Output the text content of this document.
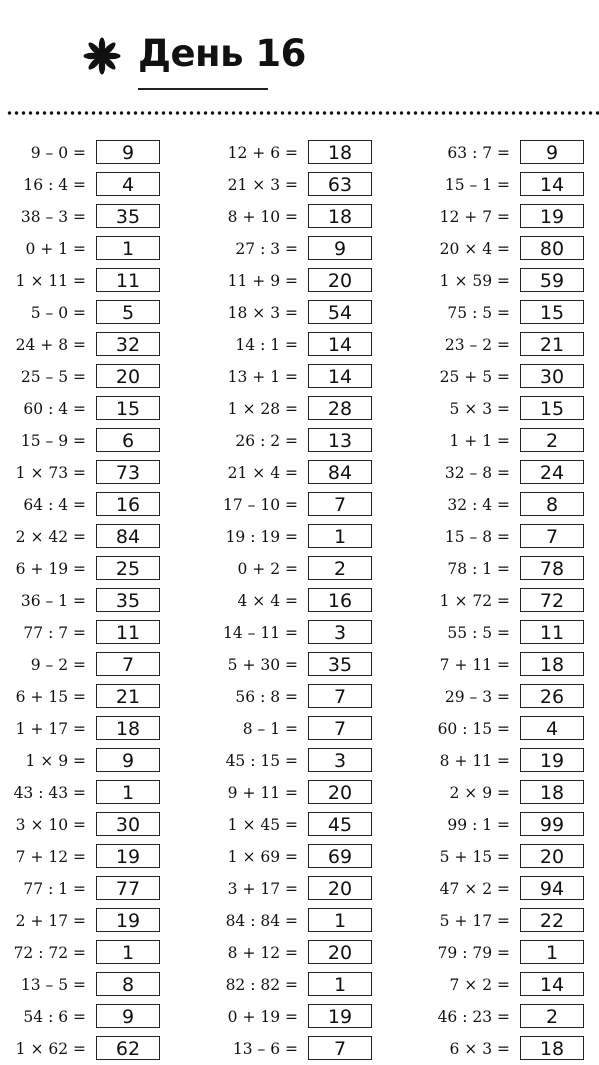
День 16
9 – 0 =	9
16 : 4 =	4
38 – 3 =	35
0 + 1 =	1
1 × 11 =	11
5 – 0 =	5
24 + 8 =	32
25 – 5 =	20
60 : 4 =	15
15 – 9 =	6
1 × 73 =	73
64 : 4 =	16
2 × 42 =	84
6 + 19 =	25
36 – 1 =	35
77 : 7 =	11
9 – 2 =	7
6 + 15 =	21
1 + 17 =	18
1 × 9 =	9
43 : 43 =	1
3 × 10 =	30
7 + 12 =	19
77 : 1 =	77
2 + 17 =	19
72 : 72 =	1
13 – 5 =	8
54 : 6 =	9
1 × 62 =	62
12 + 6 =	18
21 × 3 =	63
8 + 10 =	18
27 : 3 =	9
11 + 9 =	20
18 × 3 =	54
14 : 1 =	14
13 + 1 =	14
1 × 28 =	28
26 : 2 =	13
21 × 4 =	84
17 – 10 =	7
19 : 19 =	1
0 + 2 =	2
4 × 4 =	16
14 – 11 =	3
5 + 30 =	35
56 : 8 =	7
8 – 1 =	7
45 : 15 =	3
9 + 11 =	20
1 × 45 =	45
1 × 69 =	69
3 + 17 =	20
84 : 84 =	1
8 + 12 =	20
82 : 82 =	1
0 + 19 =	19
13 – 6 =	7
63 : 7 =	9
15 – 1 =	14
12 + 7 =	19
20 × 4 =	80
1 × 59 =	59
75 : 5 =	15
23 – 2 =	21
25 + 5 =	30
5 × 3 =	15
1 + 1 =	2
32 – 8 =	24
32 : 4 =	8
15 – 8 =	7
78 : 1 =	78
1 × 72 =	72
55 : 5 =	11
7 + 11 =	18
29 – 3 =	26
60 : 15 =	4
8 + 11 =	19
2 × 9 =	18
99 : 1 =	99
5 + 15 =	20
47 × 2 =	94
5 + 17 =	22
79 : 79 =	1
7 × 2 =	14
46 : 23 =	2
6 × 3 =	18
